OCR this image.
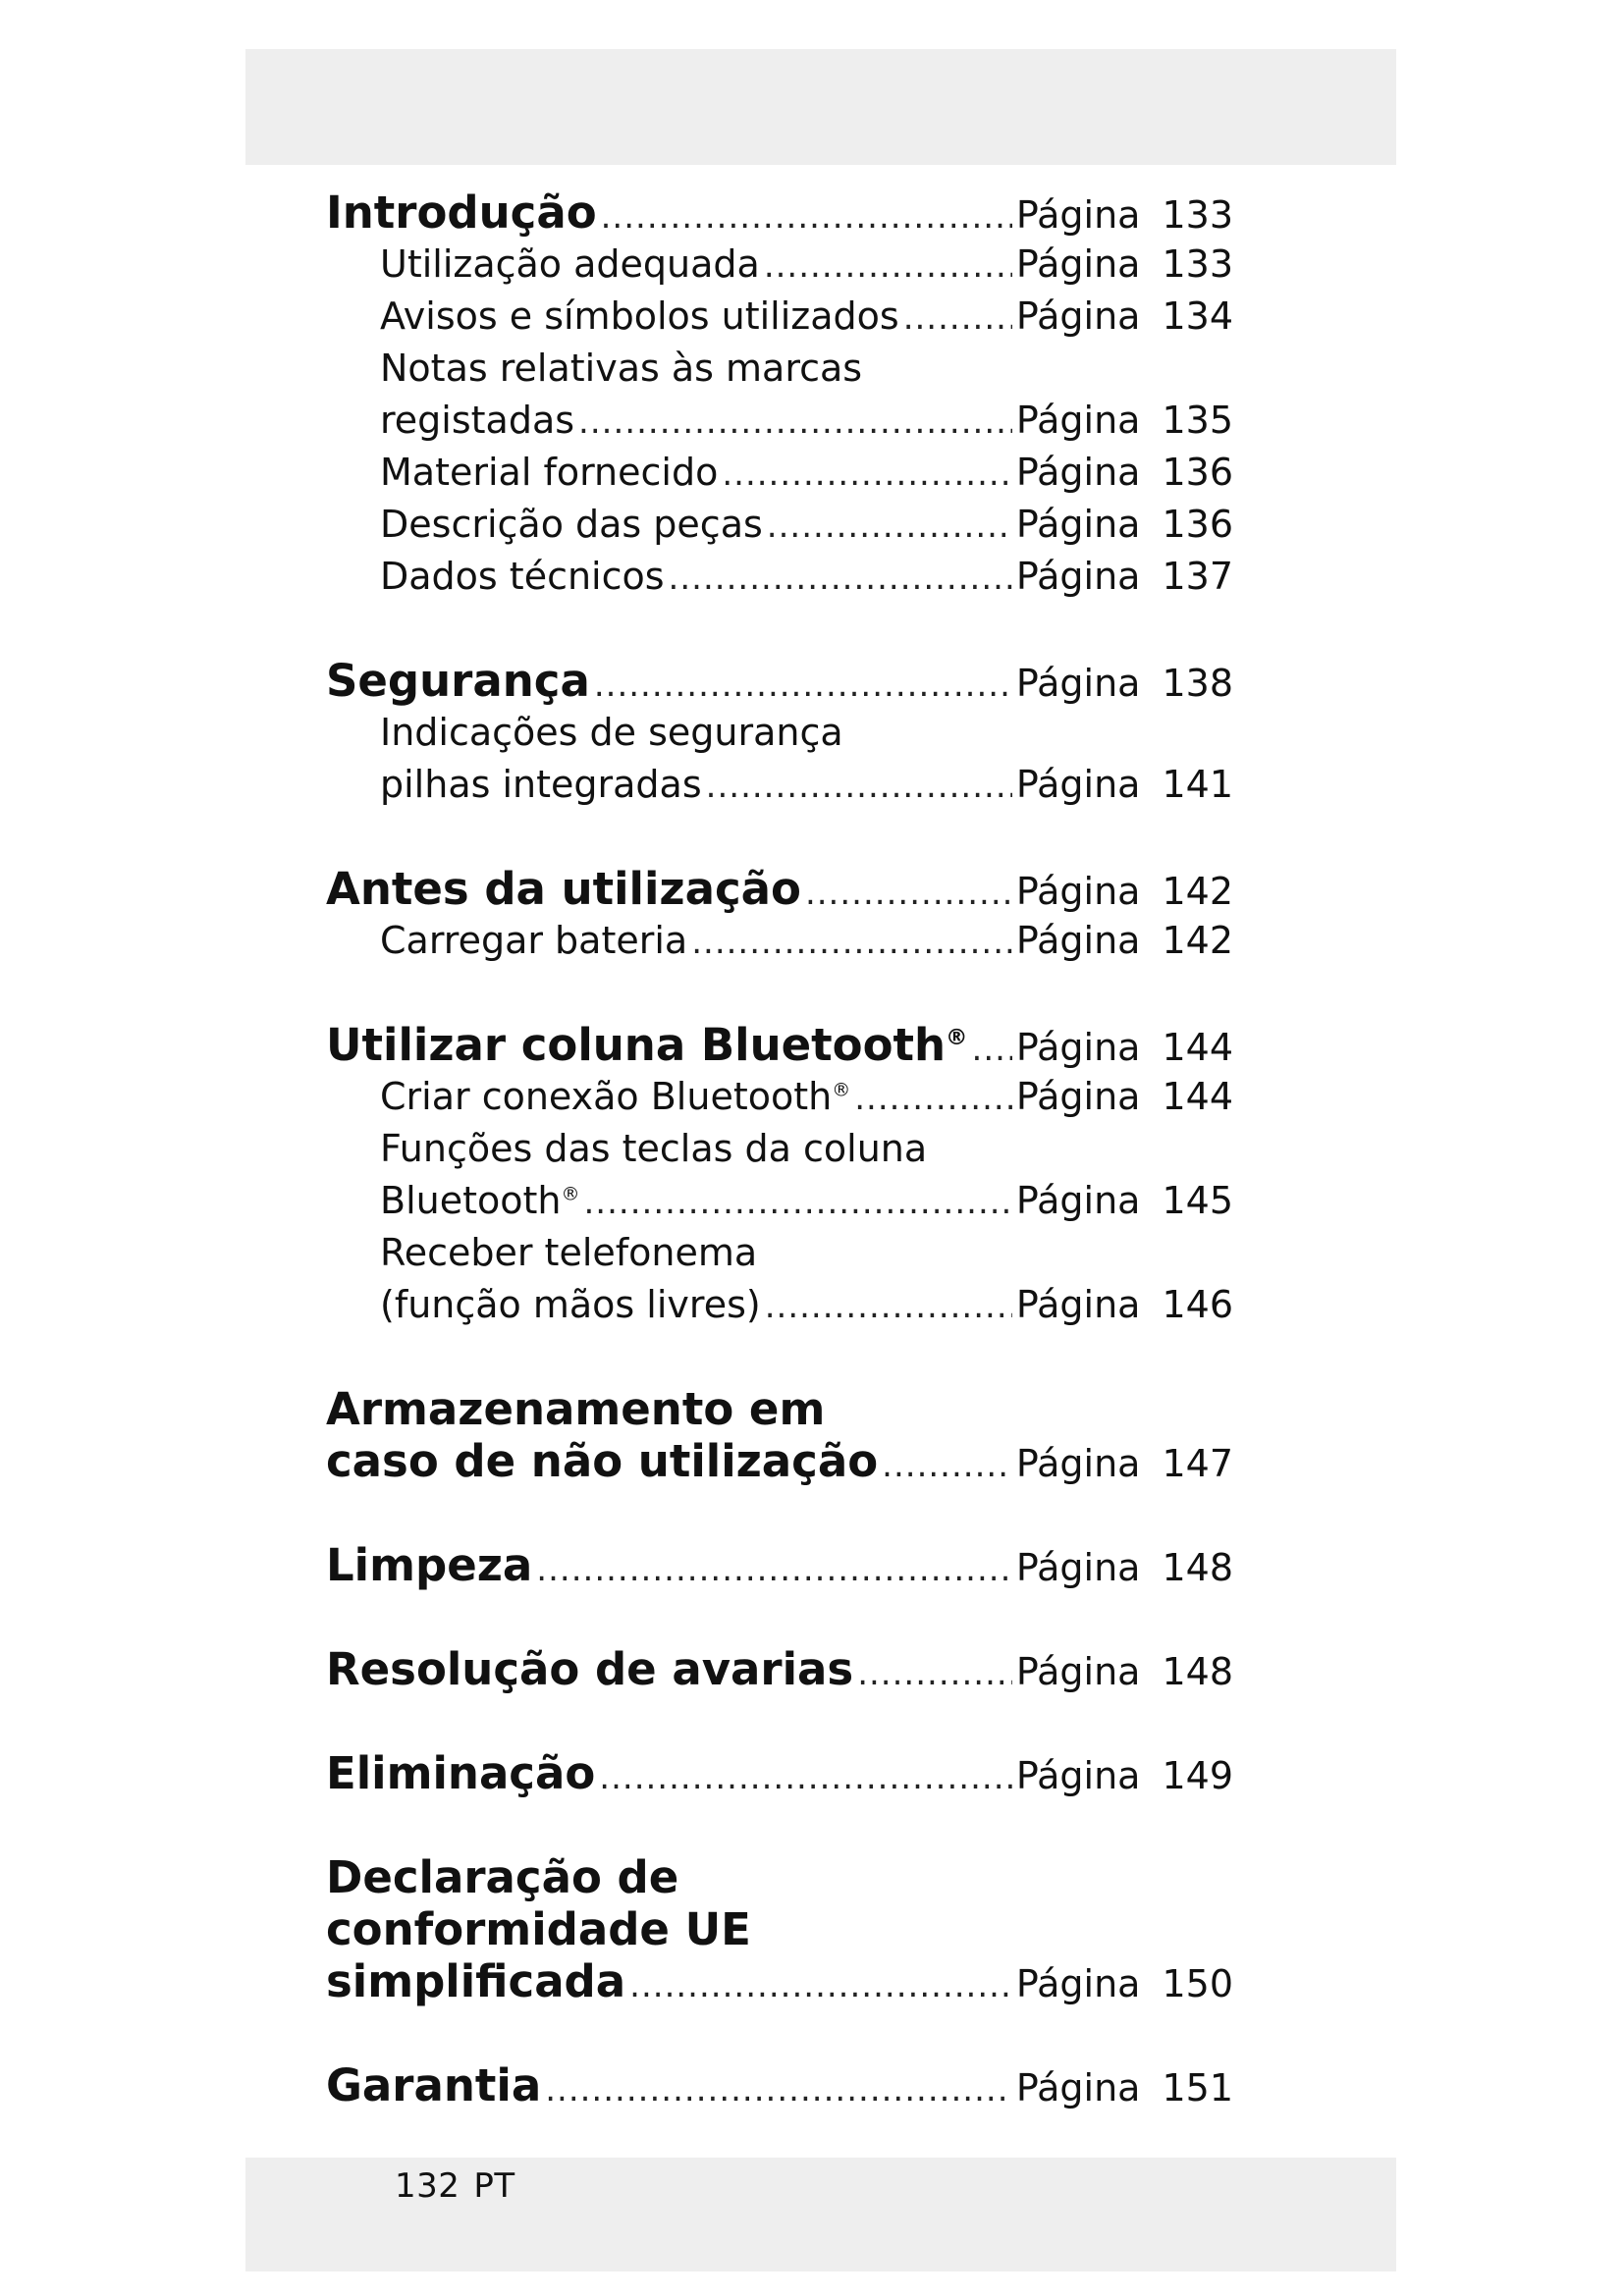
Introdução .....	Página 133
Utilização adequada .....	Página 133
Avisos e símbolos utilizados .....	Página 134
Notas relativas às marcas
registadas .....	Página 135
Material fornecido .....	Página 136
Descrição das peças .....	Página 136
Dados técnicos .....	Página 137
Segurança .....	Página 138
Indicações de segurança
pilhas integradas .....	Página 141
Antes da utilização .....	Página 142
Carregar bateria .....	Página 142
Utilizar coluna Bluetooth® ..... Página 144
Criar conexão Bluetooth® .....	Página 144
Funções das teclas da coluna
Bluetooth® .....	Página 145
Receber telefonema
(função mãos livres) .....	Página 146
Armazenamento em
caso de não utilização .....	Página 147
Limpeza .....	Página 148
Resolução de avarias .....	Página 148
Eliminação .....	Página 149
Declaração de
conformidade UE
simplificada .....	Página 150
Garantia .....	Página 151
132 PT
